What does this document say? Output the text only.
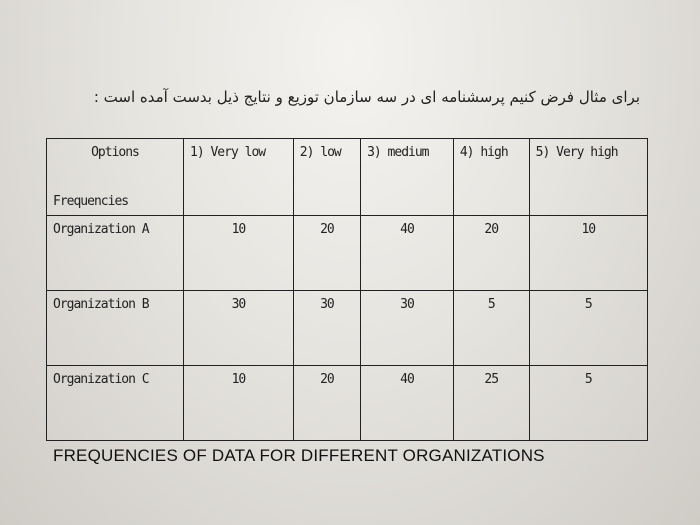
برای مثال فرض کنیم پرسشنامه ای در سه سازمان توزیع و نتایج ذیل بدست آمده است :
Options
Frequencies	1) Very low	2) low	3) medium	4) high	5) Very high
Organization A	10	20	40	20	10
Organization B	30	30	30	5	5
Organization C	10	20	40	25	5
FREQUENCIES OF DATA FOR DIFFERENT ORGANIZATIONS
